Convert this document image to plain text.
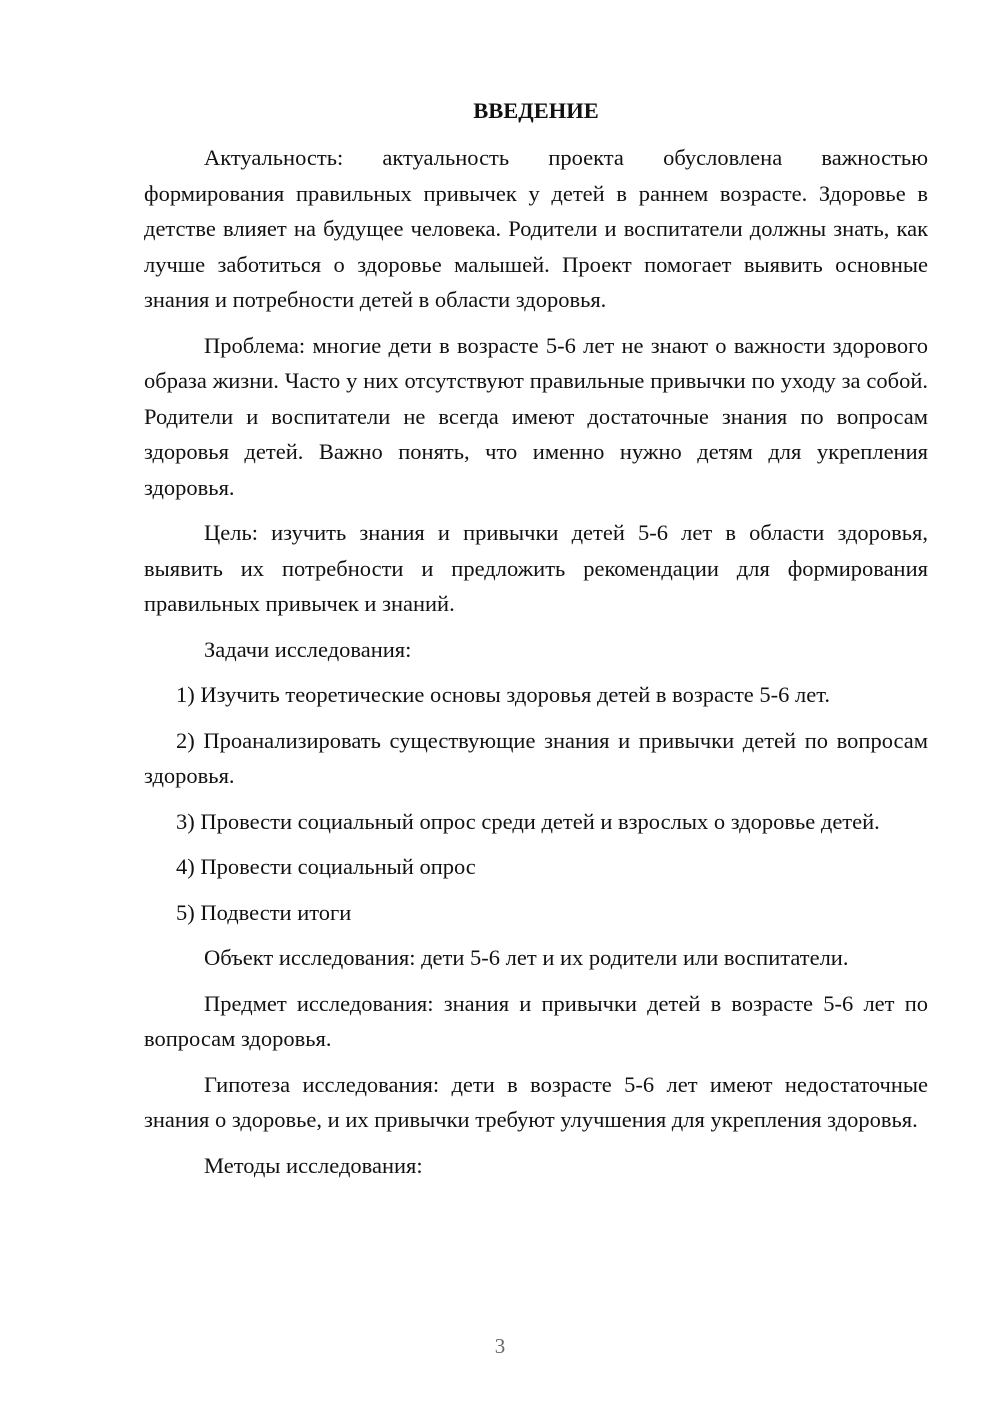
ВВЕДЕНИЕ

Актуальность: актуальность проекта обусловлена важностью формирования правильных привычек у детей в раннем возрасте. Здоровье в детстве влияет на будущее человека. Родители и воспитатели должны знать, как лучше заботиться о здоровье малышей. Проект помогает выявить основные знания и потребности детей в области здоровья.

Проблема: многие дети в возрасте 5-6 лет не знают о важности здорового образа жизни. Часто у них отсутствуют правильные привычки по уходу за собой. Родители и воспитатели не всегда имеют достаточные знания по вопросам здоровья детей. Важно понять, что именно нужно детям для укрепления здоровья.

Цель: изучить знания и привычки детей 5-6 лет в области здоровья, выявить их потребности и предложить рекомендации для формирования правильных привычек и знаний.

Задачи исследования:

1) Изучить теоретические основы здоровья детей в возрасте 5-6 лет.

2) Проанализировать существующие знания и привычки детей по вопросам здоровья.

3) Провести социальный опрос среди детей и взрослых о здоровье детей.

4) Провести социальный опрос

5) Подвести итоги

Объект исследования: дети 5-6 лет и их родители или воспитатели.

Предмет исследования: знания и привычки детей в возрасте 5-6 лет по вопросам здоровья.

Гипотеза исследования: дети в возрасте 5-6 лет имеют недостаточные знания о здоровье, и их привычки требуют улучшения для укрепления здоровья.

Методы исследования:

3
